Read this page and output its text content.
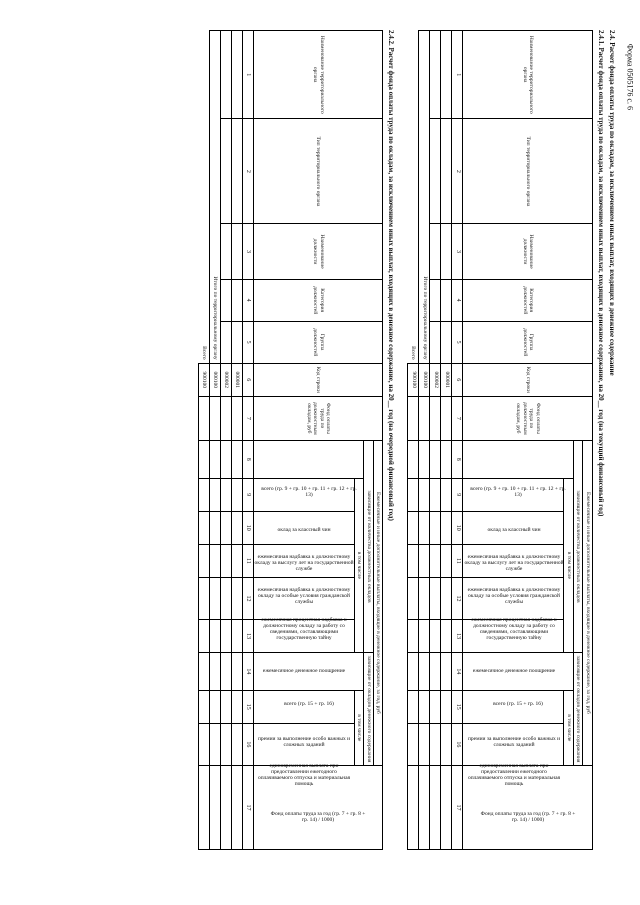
Форма 0505176 с. 6
2.4. Расчет фонда оплаты труда по окладам, за исключением иных выплат, входящих в денежное содержание
2.4.1. Расчет фонда оплаты труда по окладам, за исключением иных выплат, входящих в денежное содержание, на 20__ год (на текущий финансовый год)
Наименование территориального органа	Тип территориального органа	Наименование должности	Категория должностей	Группа должностей	Код строки	Фонд оплаты труда по должностным окладам, руб	Ежемесячные и иные дополнительные выплаты, входящие в денежное содержание, за год, руб									Фонд оплаты труда за год (гр. 7 + гр. 8 + гр. 14) / 1000)
							зависящие от количества должностных окладов						зависящие от окладов денежного содержания			
							всего (гр. 9 + гр. 10 + гр. 11 + гр. 12 + гр. 13)	в том числе					всего (гр. 15 + гр. 16)	в том числе		
								оклад за классный чин	ежемесячная надбавка к должностному окладу за выслугу лет на государственной службе	ежемесячная надбавка к должностному окладу за особые условия гражданской службы	ежемесячная процентная надбавка к должностному окладу за работу со сведениями, составляющими государственную тайну	ежемесячное денежное поощрение		премии за выполнение особо важных и сложных заданий	единовременная выплата при предоставлении ежегодного оплачиваемого отпуска и материальная помощь	
1	2	3	4	5	6	7	8	9	10	11	12	13	14	15	16	17
					000001											
					000002											
Итого по территориальному органу					000100											
Всего					900100											
2.4.2. Расчет фонда оплаты труда по окладам, за исключением иных выплат, входящих в денежное содержание, на 20__ год (на очередной финансовый год)
Наименование территориального органа	Тип территориального органа	Наименование должности	Категория должностей	Группа должностей	Код строки	Фонд оплаты труда по должностным окладам, руб	Ежемесячные и иные дополнительные выплаты, входящие в денежное содержание, за год, руб									Фонд оплаты труда за год (гр. 7 + гр. 8 + гр. 14) / 1000)
							зависящие от количества должностных окладов						зависящие от окладов денежного содержания			
							всего (гр. 9 + гр. 10 + гр. 11 + гр. 12 + гр. 13)	в том числе					всего (гр. 15 + гр. 16)	в том числе		
								оклад за классный чин	ежемесячная надбавка к должностному окладу за выслугу лет на государственной службе	ежемесячная надбавка к должностному окладу за особые условия гражданской службы	ежемесячная процентная надбавка к должностному окладу за работу со сведениями, составляющими государственную тайну	ежемесячное денежное поощрение		премии за выполнение особо важных и сложных заданий	единовременная выплата при предоставлении ежегодного оплачиваемого отпуска и материальная помощь	
1	2	3	4	5	6	7	8	9	10	11	12	13	14	15	16	17
					000001											
					000002											
Итого по территориальному органу					000100											
Всего					900100											
